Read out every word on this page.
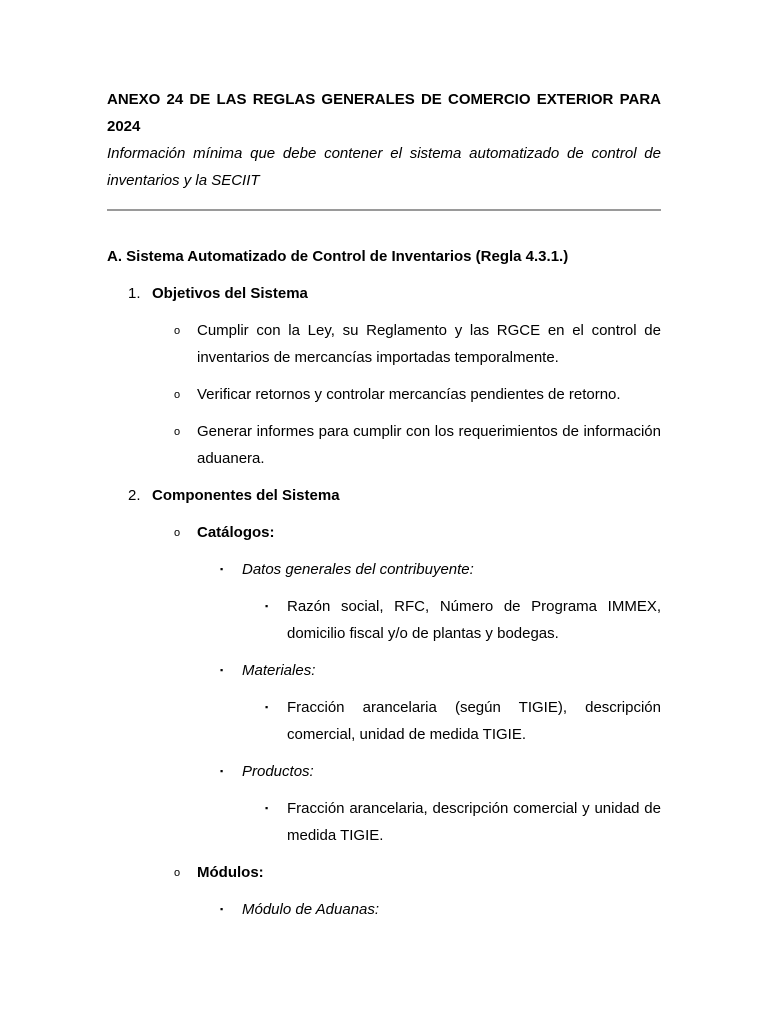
ANEXO 24 DE LAS REGLAS GENERALES DE COMERCIO EXTERIOR PARA 2024

Información mínima que debe contener el sistema automatizado de control de inventarios y la SECIIT

A. Sistema Automatizado de Control de Inventarios (Regla 4.3.1.)
1. Objetivos del Sistema
o Cumplir con la Ley, su Reglamento y las RGCE en el control de inventarios de mercancías importadas temporalmente.
o Verificar retornos y controlar mercancías pendientes de retorno.
o Generar informes para cumplir con los requerimientos de información aduanera.
2. Componentes del Sistema
o Catálogos:
▪ Datos generales del contribuyente:
▪ Razón social, RFC, Número de Programa IMMEX, domicilio fiscal y/o de plantas y bodegas.
▪ Materiales:
▪ Fracción arancelaria (según TIGIE), descripción comercial, unidad de medida TIGIE.
▪ Productos:
▪ Fracción arancelaria, descripción comercial y unidad de medida TIGIE.
o Módulos:
▪ Módulo de Aduanas:
